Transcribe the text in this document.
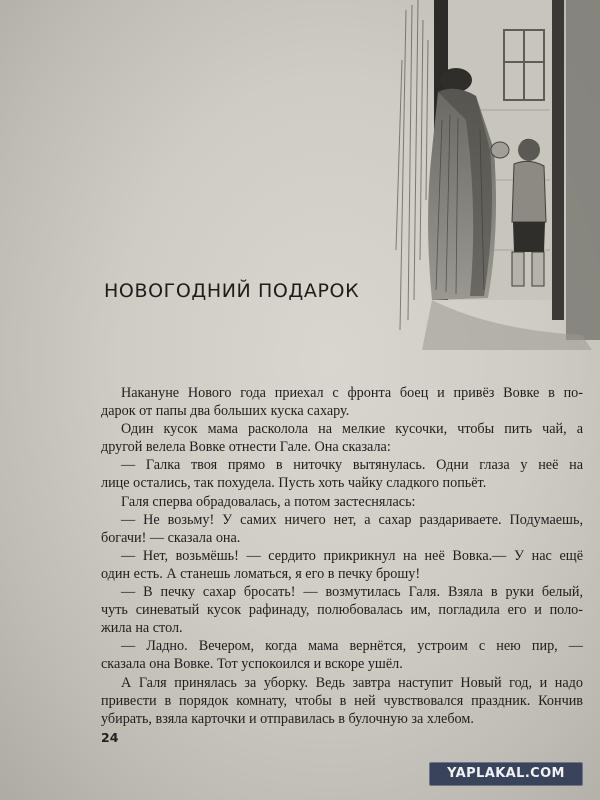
НОВОГОДНИЙ ПОДАРОК
Накануне Нового года приехал с фронта боец и привёз Вовке в по-
дарок от папы два больших куска сахару.
Один кусок мама расколола на мелкие кусочки, чтобы пить чай, а
другой велела Вовке отнести Гале. Она сказала:
— Галка твоя прямо в ниточку вытянулась. Одни глаза у неё на
лице остались, так похудела. Пусть хоть чайку сладкого попьёт.
Галя сперва обрадовалась, а потом застеснялась:
— Не возьму! У самих ничего нет, а сахар раздариваете. Подумаешь,
богачи! — сказала она.
— Нет, возьмёшь! — сердито прикрикнул на неё Вовка.— У нас ещё
один есть. А станешь ломаться, я его в печку брошу!
— В печку сахар бросать! — возмутилась Галя. Взяла в руки белый,
чуть синеватый кусок рафинаду, полюбовалась им, погладила его и поло-
жила на стол.
— Ладно. Вечером, когда мама вернётся, устроим с нею пир, —
сказала она Вовке. Тот успокоился и вскоре ушёл.
А Галя принялась за уборку. Ведь завтра наступит Новый год, и надо
привести в порядок комнату, чтобы в ней чувствовался праздник. Кончив
убирать, взяла карточки и отправилась в булочную за хлебом.
24
YAPLAKAL.COM
